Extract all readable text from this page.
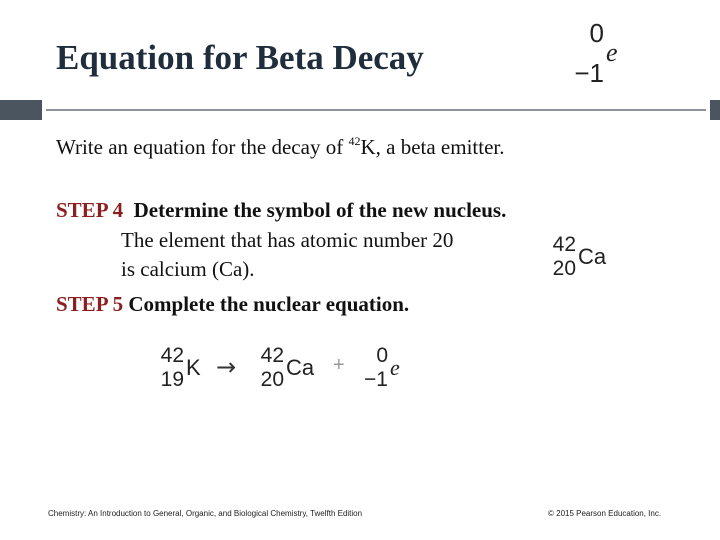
Equation for Beta Decay
0
−1
e
Write an equation for the decay of $^{42}$K, a beta emitter.
STEP 4 Determine the symbol of the new nucleus.
The element that has atomic number 20
is calcium (Ca).
42
20 Ca
STEP 5 Complete the nuclear equation.
42
19 K → 42
20 Ca + 0
−1 e
Chemistry: An Introduction to General, Organic, and Biological Chemistry, Twelfth Edition	© 2015 Pearson Education, Inc.
